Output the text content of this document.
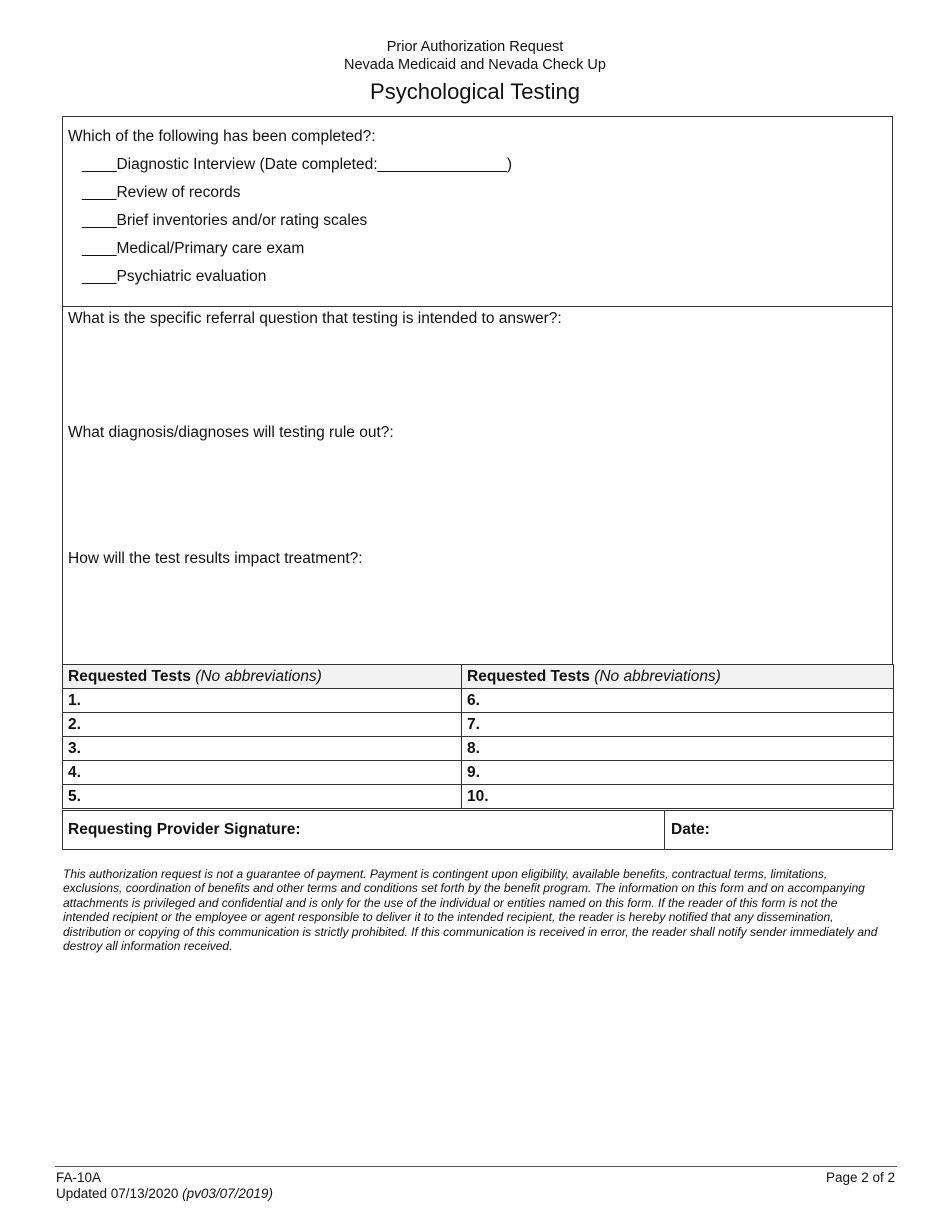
Prior Authorization Request
Nevada Medicaid and Nevada Check Up
Psychological Testing
Which of the following has been completed?:
____Diagnostic Interview (Date completed:_______________)
____Review of records
____Brief inventories and/or rating scales
____Medical/Primary care exam
____Psychiatric evaluation
What is the specific referral question that testing is intended to answer?:
What diagnosis/diagnoses will testing rule out?:
How will the test results impact treatment?:
Requested Tests (No abbreviations)	Requested Tests (No abbreviations)
1.	6.
2.	7.
3.	8.
4.	9.
5.	10.
Requesting Provider Signature:	Date:
This authorization request is not a guarantee of payment. Payment is contingent upon eligibility, available benefits, contractual terms, limitations, exclusions, coordination of benefits and other terms and conditions set forth by the benefit program. The information on this form and on accompanying attachments is privileged and confidential and is only for the use of the individual or entities named on this form. If the reader of this form is not the intended recipient or the employee or agent responsible to deliver it to the intended recipient, the reader is hereby notified that any dissemination, distribution or copying of this communication is strictly prohibited. If this communication is received in error, the reader shall notify sender immediately and destroy all information received.
FA-10A
Updated 07/13/2020 (pv03/07/2019)
Page 2 of 2
